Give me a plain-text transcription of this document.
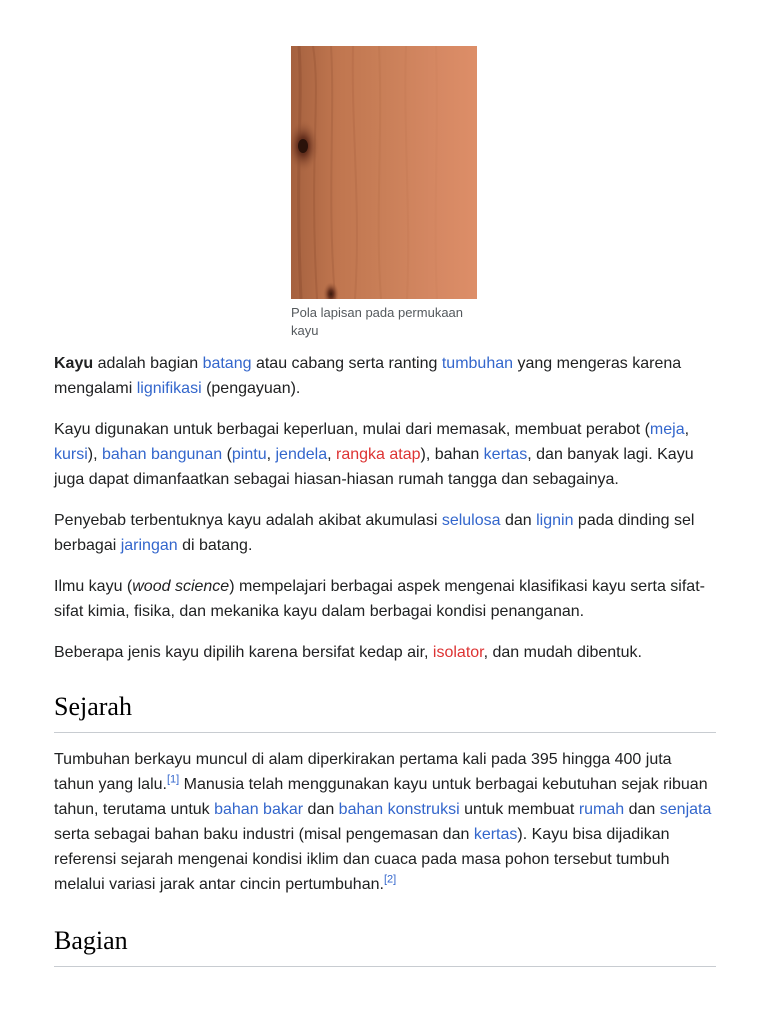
Pola lapisan pada permukaan kayu

Kayu adalah bagian batang atau cabang serta ranting tumbuhan yang mengeras karena mengalami lignifikasi (pengayuan).

Kayu digunakan untuk berbagai keperluan, mulai dari memasak, membuat perabot (meja, kursi), bahan bangunan (pintu, jendela, rangka atap), bahan kertas, dan banyak lagi. Kayu juga dapat dimanfaatkan sebagai hiasan-hiasan rumah tangga dan sebagainya.

Penyebab terbentuknya kayu adalah akibat akumulasi selulosa dan lignin pada dinding sel berbagai jaringan di batang.

Ilmu kayu (wood science) mempelajari berbagai aspek mengenai klasifikasi kayu serta sifat-sifat kimia, fisika, dan mekanika kayu dalam berbagai kondisi penanganan.

Beberapa jenis kayu dipilih karena bersifat kedap air, isolator, dan mudah dibentuk.

Sejarah

Tumbuhan berkayu muncul di alam diperkirakan pertama kali pada 395 hingga 400 juta tahun yang lalu.[1] Manusia telah menggunakan kayu untuk berbagai kebutuhan sejak ribuan tahun, terutama untuk bahan bakar dan bahan konstruksi untuk membuat rumah dan senjata serta sebagai bahan baku industri (misal pengemasan dan kertas). Kayu bisa dijadikan referensi sejarah mengenai kondisi iklim dan cuaca pada masa pohon tersebut tumbuh melalui variasi jarak antar cincin pertumbuhan.[2]

Bagian
